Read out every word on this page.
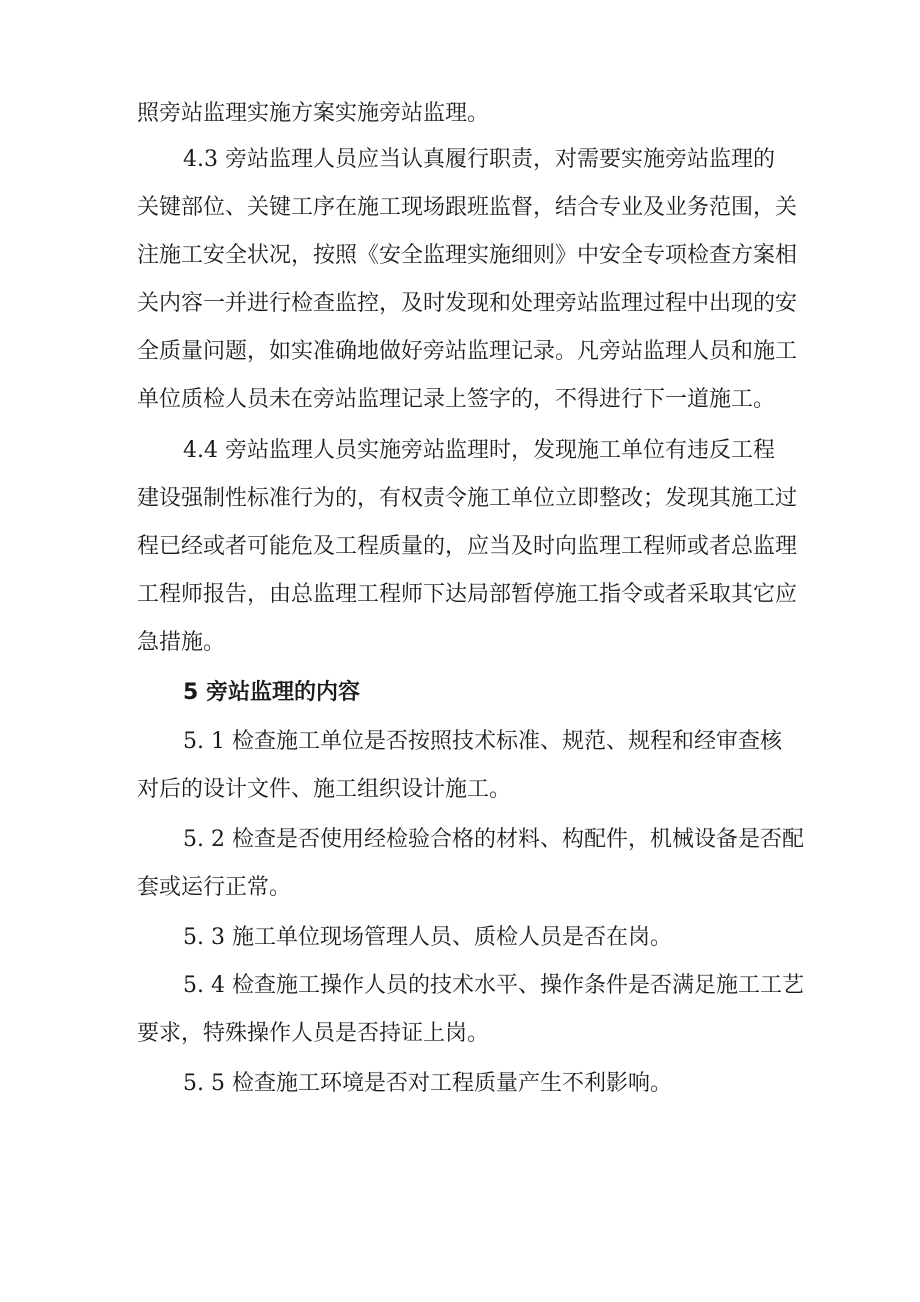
照旁站监理实施方案实施旁站监理。

4.3 旁站监理人员应当认真履行职责，对需要实施旁站监理的

关键部位、关键工序在施工现场跟班监督，结合专业及业务范围，关

注施工安全状况，按照《安全监理实施细则》中安全专项检查方案相

关内容一并进行检查监控，及时发现和处理旁站监理过程中出现的安

全质量问题，如实准确地做好旁站监理记录。凡旁站监理人员和施工

单位质检人员未在旁站监理记录上签字的，不得进行下一道施工。

4.4 旁站监理人员实施旁站监理时，发现施工单位有违反工程

建设强制性标准行为的，有权责令施工单位立即整改；发现其施工过

程已经或者可能危及工程质量的，应当及时向监理工程师或者总监理

工程师报告，由总监理工程师下达局部暂停施工指令或者采取其它应

急措施。

5 旁站监理的内容

5. 1 检查施工单位是否按照技术标准、规范、规程和经审查核

对后的设计文件、施工组织设计施工。

5. 2 检查是否使用经检验合格的材料、构配件，机械设备是否配

套或运行正常。

5. 3 施工单位现场管理人员、质检人员是否在岗。

5. 4 检查施工操作人员的技术水平、操作条件是否满足施工工艺

要求，特殊操作人员是否持证上岗。

5. 5 检查施工环境是否对工程质量产生不利影响。
